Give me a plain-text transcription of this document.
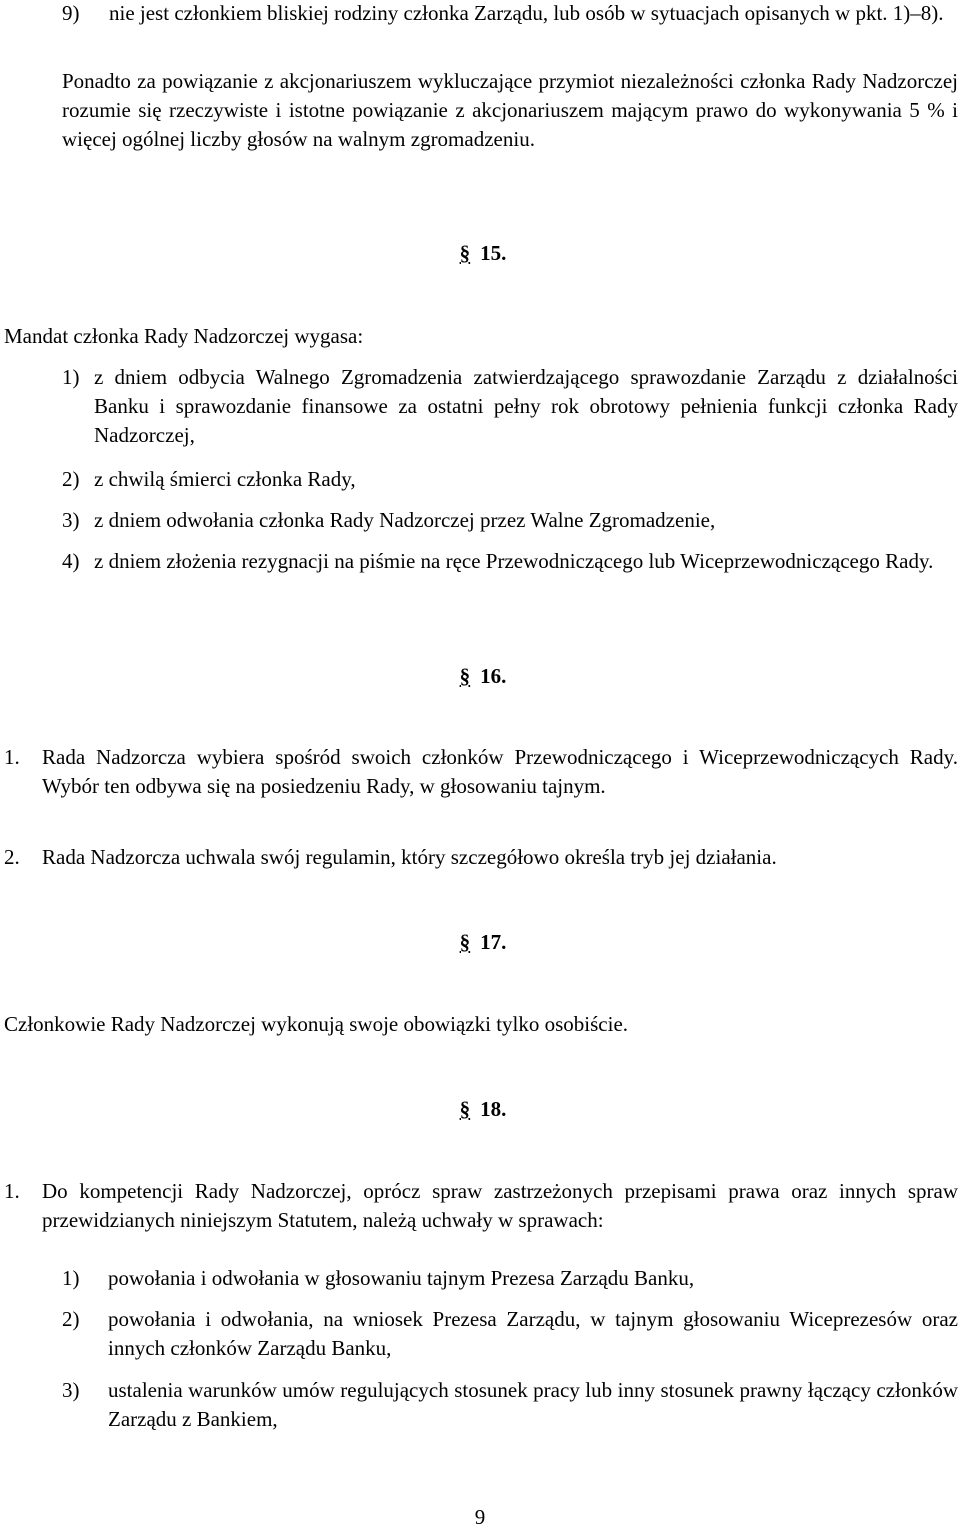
9)	nie jest członkiem bliskiej rodziny członka Zarządu, lub osób w sytuacjach opisanych w pkt. 1)–8).
Ponadto za powiązanie z akcjonariuszem wykluczające przymiot niezależności członka Rady Nadzorczej rozumie się rzeczywiste i istotne powiązanie z akcjonariuszem mającym prawo do wykonywania 5 % i więcej ogólnej liczby głosów na walnym zgromadzeniu.
§ 15.
Mandat członka Rady Nadzorczej wygasa:
1) z dniem odbycia Walnego Zgromadzenia zatwierdzającego sprawozdanie Zarządu z działalności Banku i sprawozdanie finansowe za ostatni pełny rok obrotowy pełnienia funkcji członka Rady Nadzorczej,
2) z chwilą śmierci członka Rady,
3) z dniem odwołania członka Rady Nadzorczej przez Walne Zgromadzenie,
4) z dniem złożenia rezygnacji na piśmie na ręce Przewodniczącego lub Wiceprzewodniczącego Rady.
§ 16.
1.	Rada Nadzorcza wybiera spośród swoich członków Przewodniczącego i Wiceprzewodniczących Rady. Wybór ten odbywa się na posiedzeniu Rady, w głosowaniu tajnym.
2.	Rada Nadzorcza uchwala swój regulamin, który szczegółowo określa tryb jej działania.
§ 17.
Członkowie Rady Nadzorczej wykonują swoje obowiązki tylko osobiście.
§ 18.
1.	Do kompetencji Rady Nadzorczej, oprócz spraw zastrzeżonych przepisami prawa oraz innych spraw przewidzianych niniejszym Statutem, należą uchwały w sprawach:
1)	powołania i odwołania w głosowaniu tajnym Prezesa Zarządu Banku,
2)	powołania i odwołania, na wniosek Prezesa Zarządu, w tajnym głosowaniu Wiceprezesów oraz innych członków Zarządu Banku,
3)	ustalenia warunków umów regulujących stosunek pracy lub inny stosunek prawny łączący członków Zarządu z Bankiem,
9
